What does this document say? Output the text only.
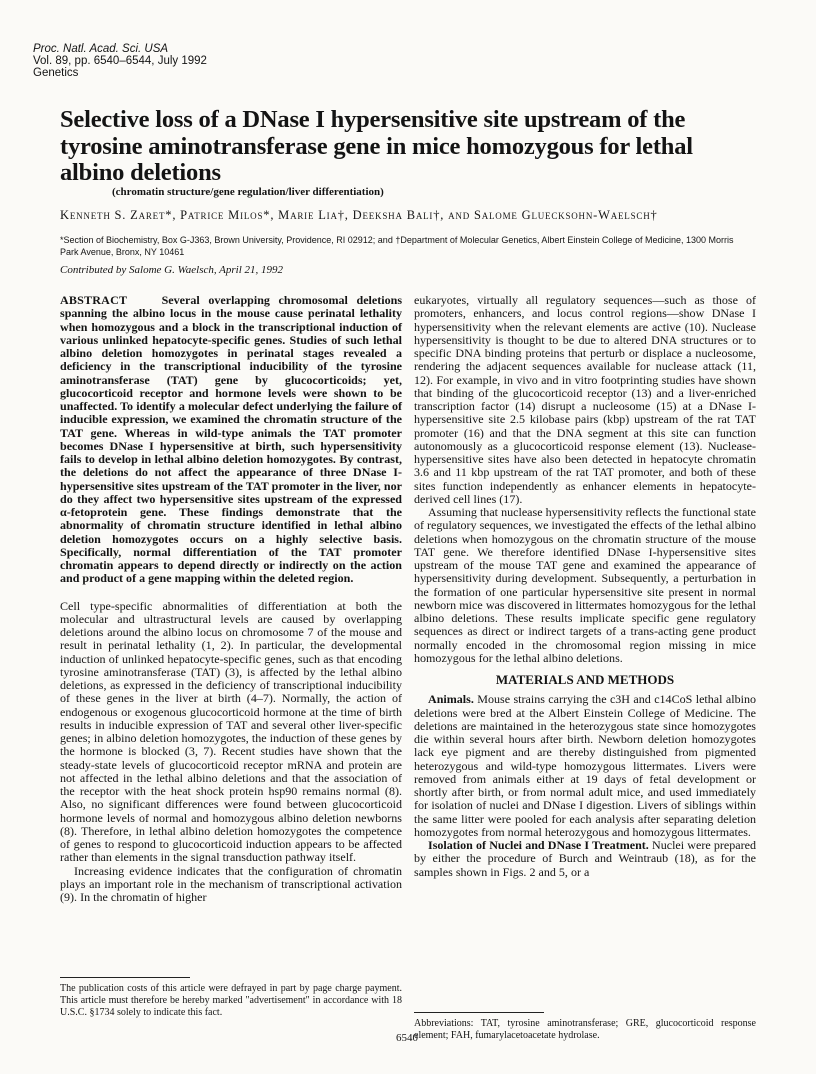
Proc. Natl. Acad. Sci. USA
Vol. 89, pp. 6540–6544, July 1992
Genetics
Selective loss of a DNase I hypersensitive site upstream of the tyrosine aminotransferase gene in mice homozygous for lethal albino deletions
(chromatin structure/gene regulation/liver differentiation)
Kenneth S. Zaret*, Patrice Milos*, Marie Lia†, Deeksha Bali†, and Salome Gluecksohn-Waelsch†
*Section of Biochemistry, Box G-J363, Brown University, Providence, RI 02912; and †Department of Molecular Genetics, Albert Einstein College of Medicine, 1300 Morris Park Avenue, Bronx, NY 10461
Contributed by Salome G. Waelsch, April 21, 1992

ABSTRACT	Several overlapping chromosomal deletions spanning the albino locus in the mouse cause perinatal lethality when homozygous and a block in the transcriptional induction of various unlinked hepatocyte-specific genes. Studies of such lethal albino deletion homozygotes in perinatal stages revealed a deficiency in the transcriptional inducibility of the tyrosine aminotransferase (TAT) gene by glucocorticoids; yet, glucocorticoid receptor and hormone levels were shown to be unaffected. To identify a molecular defect underlying the failure of inducible expression, we examined the chromatin structure of the TAT gene. Whereas in wild-type animals the TAT promoter becomes DNase I hypersensitive at birth, such hypersensitivity fails to develop in lethal albino deletion homozygotes. By contrast, the deletions do not affect the appearance of three DNase I-hypersensitive sites upstream of the TAT promoter in the liver, nor do they affect two hypersensitive sites upstream of the expressed α-fetoprotein gene. These findings demonstrate that the abnormality of chromatin structure identified in lethal albino deletion homozygotes occurs on a highly selective basis. Specifically, normal differentiation of the TAT promoter chromatin appears to depend directly or indirectly on the action and product of a gene mapping within the deleted region.

Cell type-specific abnormalities of differentiation at both the molecular and ultrastructural levels are caused by overlapping deletions around the albino locus on chromosome 7 of the mouse and result in perinatal lethality (1, 2). In particular, the developmental induction of unlinked hepatocyte-specific genes, such as that encoding tyrosine aminotransferase (TAT) (3), is affected by the lethal albino deletions, as expressed in the deficiency of transcriptional inducibility of these genes in the liver at birth (4–7). Normally, the action of endogenous or exogenous glucocorticoid hormone at the time of birth results in inducible expression of TAT and several other liver-specific genes; in albino deletion homozygotes, the induction of these genes by the hormone is blocked (3, 7). Recent studies have shown that the steady-state levels of glucocorticoid receptor mRNA and protein are not affected in the lethal albino deletions and that the association of the receptor with the heat shock protein hsp90 remains normal (8). Also, no significant differences were found between glucocorticoid hormone levels of normal and homozygous albino deletion newborns (8). Therefore, in lethal albino deletion homozygotes the competence of genes to respond to glucocorticoid induction appears to be affected rather than elements in the signal transduction pathway itself.

Increasing evidence indicates that the configuration of chromatin plays an important role in the mechanism of transcriptional activation (9). In the chromatin of higher

eukaryotes, virtually all regulatory sequences—such as those of promoters, enhancers, and locus control regions—show DNase I hypersensitivity when the relevant elements are active (10). Nuclease hypersensitivity is thought to be due to altered DNA structures or to specific DNA binding proteins that perturb or displace a nucleosome, rendering the adjacent sequences available for nuclease attack (11, 12). For example, in vivo and in vitro footprinting studies have shown that binding of the glucocorticoid receptor (13) and a liver-enriched transcription factor (14) disrupt a nucleosome (15) at a DNase I-hypersensitive site 2.5 kilobase pairs (kbp) upstream of the rat TAT promoter (16) and that the DNA segment at this site can function autonomously as a glucocorticoid response element (13). Nuclease-hypersensitive sites have also been detected in hepatocyte chromatin 3.6 and 11 kbp upstream of the rat TAT promoter, and both of these sites function independently as enhancer elements in hepatocyte-derived cell lines (17).

Assuming that nuclease hypersensitivity reflects the functional state of regulatory sequences, we investigated the effects of the lethal albino deletions when homozygous on the chromatin structure of the mouse TAT gene. We therefore identified DNase I-hypersensitive sites upstream of the mouse TAT gene and examined the appearance of hypersensitivity during development. Subsequently, a perturbation in the formation of one particular hypersensitive site present in normal newborn mice was discovered in littermates homozygous for the lethal albino deletions. These results implicate specific gene regulatory sequences as direct or indirect targets of a trans-acting gene product normally encoded in the chromosomal region missing in mice homozygous for the lethal albino deletions.

MATERIALS AND METHODS

Animals. Mouse strains carrying the c3H and c14CoS lethal albino deletions were bred at the Albert Einstein College of Medicine. The deletions are maintained in the heterozygous state since homozygotes die within several hours after birth. Newborn deletion homozygotes lack eye pigment and are thereby distinguished from pigmented heterozygous and wild-type homozygous littermates. Livers were removed from animals either at 19 days of fetal development or shortly after birth, or from normal adult mice, and used immediately for isolation of nuclei and DNase I digestion. Livers of siblings within the same litter were pooled for each analysis after separating deletion homozygotes from normal heterozygous and homozygous littermates.

Isolation of Nuclei and DNase I Treatment. Nuclei were prepared by either the procedure of Burch and Weintraub (18), as for the samples shown in Figs. 2 and 5, or a

The publication costs of this article were defrayed in part by page charge payment. This article must therefore be hereby marked "advertisement" in accordance with 18 U.S.C. §1734 solely to indicate this fact.
Abbreviations: TAT, tyrosine aminotransferase; GRE, glucocorticoid response element; FAH, fumarylacetoacetate hydrolase.
6540
